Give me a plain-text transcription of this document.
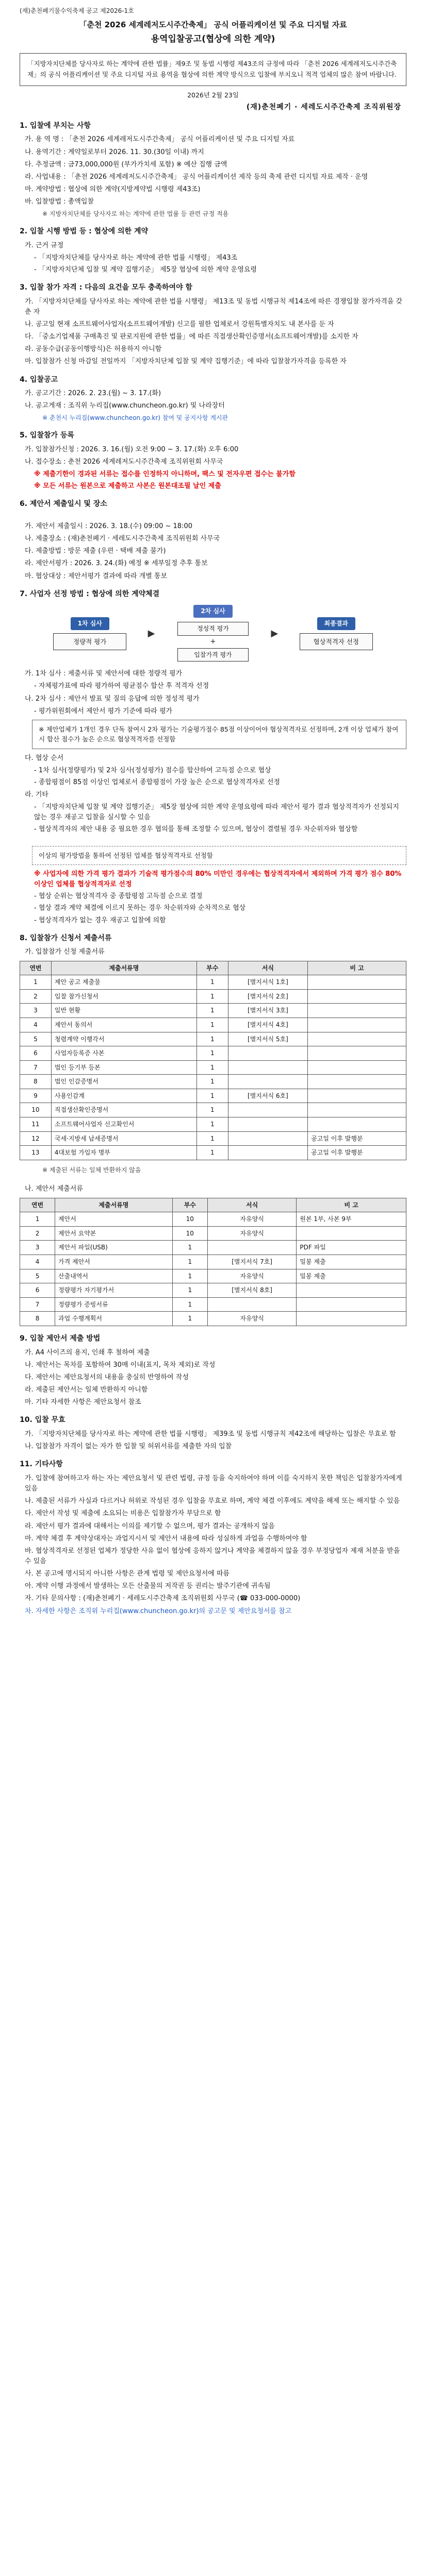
(재)춘천폐기물수익축제 공고 제2026-1호
「춘천 2026 세계레저도시주간축제」 공식 어플리케이션 및 주요 디지털 자료
용역입찰공고(협상에 의한 계약)
「지방자치단체를 당사자로 하는 계약에 관한 법률」제9조 및 동법 시행령 제43조의 규정에 따라 「춘천 2026 세계레저도시주간축제」의 공식 어플리케이션 및 주요 디지털 자료 용역을 협상에 의한 계약 방식으로 입찰에 부치오니 적격 업체의 많은 참여 바랍니다.
2026년 2월 23일
(재)춘천폐기 · 세레도시주간축제 조직위원장
1. 입찰에 부치는 사항
가. 용 역 명 : 「춘천 2026 세계레저도시주간축제」 공식 어플리케이션 및 주요 디지털 자료
나. 용역기간 : 계약일로부터 2026. 11. 30.(30일 이내) 까지
다. 추정금액 : 금73,000,000원 (부가가치세 포함) ※ 예산 집행 금액
라. 사업내용 : 「춘천 2026 세계레저도시주간축제」 공식 어플리케이션 제작 등의 축제 관련 디지털 자료 제작 · 운영
마. 계약방법 : 협상에 의한 계약(지방계약법 시행령 제43조)
바. 입찰방법 : 총액입찰
※ 지방자치단체를 당사자로 하는 계약에 관한 법률 등 관련 규정 적용
2. 입찰 시행 방법 등 : 협상에 의한 계약
가. 근거 규정
- 「지방자치단체를 당사자로 하는 계약에 관한 법률 시행령」 제43조
- 「지방자치단체 입찰 및 계약 집행기준」 제5장 협상에 의한 계약 운영요령
3. 입찰 참가 자격 : 다음의 요건을 모두 충족하여야 함
가. 「지방자치단체를 당사자로 하는 계약에 관한 법률 시행령」 제13조 및 동법 시행규칙 제14조에 따른 경쟁입찰 참가자격을 갖춘 자
나. 공고일 현재 소프트웨어사업자(소프트웨어개발) 신고를 필한 업체로서 강원특별자치도 내 본사를 둔 자
다. 「중소기업제품 구매촉진 및 판로지원에 관한 법률」에 따른 직접생산확인증명서(소프트웨어개발)를 소지한 자
라. 공동수급(공동이행방식)은 허용하지 아니함
마. 입찰참가 신청 마감일 전일까지 「지방자치단체 입찰 및 계약 집행기준」에 따라 입찰참가자격을 등록한 자
4. 입찰공고
가. 공고기간 : 2026. 2. 23.(월) ~ 3. 17.(화)
나. 공고게재 : 조직위 누리집(www.chuncheon.go.kr) 및 나라장터
※ 춘천시 누리집(www.chuncheon.go.kr) 참여 및 공지사항 게시판
5. 입찰참가 등록
가. 입찰참가신청 : 2026. 3. 16.(월) 오전 9:00 ~ 3. 17.(화) 오후 6:00
나. 접수장소 : 춘천 2026 세계레저도시주간축제 조직위원회 사무국
※ 제출기한이 경과된 서류는 접수를 인정하지 아니하며, 팩스 및 전자우편 접수는 불가함
※ 모든 서류는 원본으로 제출하고 사본은 원본대조필 날인 제출
6. 제안서 제출일시 및 장소
가. 제안서 제출일시 : 2026. 3. 18.(수) 09:00 ~ 18:00
나. 제출장소 : (재)춘천폐기 · 세레도시주간축제 조직위원회 사무국
다. 제출방법 : 방문 제출 (우편 · 택배 제출 불가)
라. 제안서평가 : 2026. 3. 24.(화) 예정 ※ 세부일정 추후 통보
마. 협상대상 : 제안서평가 결과에 따라 개별 통보
7. 사업자 선정 방법 : 협상에 의한 계약체결
1차 심사
정량적 평가
▶
2차 심사
정성적 평가
+
입찰가격 평가
▶
최종결과
협상적격자 선정
가. 1차 심사 : 제출서류 및 제안서에 대한 정량적 평가
- 자체평가표에 따라 평가하여 평균점수 합산 후 적격자 선정
나. 2차 심사 : 제안서 발표 및 질의 응답에 의한 정성적 평가
- 평가위원회에서 제안서 평가 기준에 따라 평가
※ 제안업체가 1개인 경우 단독 참여시 2차 평가는 기술평가점수 85점 이상이어야 협상적격자로 선정하며, 2개 이상 업체가 참여 시 합산 점수가 높은 순으로 협상적격자를 선정함
다. 협상 순서
- 1차 심사(정량평가) 및 2차 심사(정성평가) 점수를 합산하여 고득점 순으로 협상
- 종합평점이 85점 이상인 업체로서 종합평점이 가장 높은 순으로 협상적격자로 선정
라. 기타
- 「지방자치단체 입찰 및 계약 집행기준」 제5장 협상에 의한 계약 운영요령에 따라 제안서 평가 결과 협상적격자가 선정되지 않는 경우 재공고 입찰을 실시할 수 있음
- 협상적격자의 제안 내용 중 필요한 경우 협의를 통해 조정할 수 있으며, 협상이 결렬될 경우 차순위자와 협상함
이상의 평가방법을 통하여 선정된 업체를 협상적격자로 선정함
※ 사업자에 의한 가격 평가 결과가 기술적 평가점수의 80% 미만인 경우에는 협상적격자에서 제외하며 가격 평가 점수 80% 이상인 업체를 협상적격자로 선정
- 협상 순위는 협상적격자 중 종합평점 고득점 순으로 결정
- 협상 결과 계약 체결에 이르지 못하는 경우 차순위자와 순차적으로 협상
- 협상적격자가 없는 경우 재공고 입찰에 의함
8. 입찰참가 신청서 제출서류
가. 입찰참가 신청 제출서류
연번	제출서류명	부수	서식	비 고
1	제안 공고 제출물	1	[별지서식 1호]	
2	입찰 참가신청서	1	[별지서식 2호]	
3	일반 현황	1	[별지서식 3호]	
4	제안서 동의서	1	[별지서식 4호]	
5	청렴계약 이행각서	1	[별지서식 5호]	
6	사업자등록증 사본	1		
7	법인 등기부 등본	1		
8	법인 인감증명서	1		
9	사용인감계	1	[별지서식 6호]	
10	직접생산확인증명서	1		
11	소프트웨어사업자 신고확인서	1		
12	국세·지방세 납세증명서	1		공고일 이후 발행분
13	4대보험 가입자 명부	1		공고일 이후 발행분
※ 제출된 서류는 일체 반환하지 않음
나. 제안서 제출서류
연번	제출서류명	부수	서식	비 고
1	제안서	10	자유양식	원본 1부, 사본 9부
2	제안서 요약본	10	자유양식	
3	제안서 파일(USB)	1		PDF 파일
4	가격 제안서	1	[별지서식 7호]	밀봉 제출
5	산출내역서	1	자유양식	밀봉 제출
6	정량평가 자기평가서	1	[별지서식 8호]	
7	정량평가 증빙서류	1		
8	과업 수행계획서	1	자유양식	
9. 입찰 제안서 제출 방법
가. A4 사이즈의 용지, 인쇄 후 철하여 제출
나. 제안서는 목차를 포함하여 30매 이내(표지, 목차 제외)로 작성
다. 제안서는 제안요청서의 내용을 충실히 반영하여 작성
라. 제출된 제안서는 일체 반환하지 아니함
마. 기타 자세한 사항은 제안요청서 참조
10. 입찰 무효
가. 「지방자치단체를 당사자로 하는 계약에 관한 법률 시행령」 제39조 및 동법 시행규칙 제42조에 해당하는 입찰은 무효로 함
나. 입찰참가 자격이 없는 자가 한 입찰 및 허위서류를 제출한 자의 입찰
11. 기타사항
가. 입찰에 참여하고자 하는 자는 제안요청서 및 관련 법령, 규정 등을 숙지하여야 하며 이를 숙지하지 못한 책임은 입찰참가자에게 있음
나. 제출된 서류가 사실과 다르거나 허위로 작성된 경우 입찰을 무효로 하며, 계약 체결 이후에도 계약을 해제 또는 해지할 수 있음
다. 제안서 작성 및 제출에 소요되는 비용은 입찰참가자 부담으로 함
라. 제안서 평가 결과에 대해서는 이의를 제기할 수 없으며, 평가 결과는 공개하지 않음
마. 계약 체결 후 계약상대자는 과업지시서 및 제안서 내용에 따라 성실하게 과업을 수행하여야 함
바. 협상적격자로 선정된 업체가 정당한 사유 없이 협상에 응하지 않거나 계약을 체결하지 않을 경우 부정당업자 제재 처분을 받을 수 있음
사. 본 공고에 명시되지 아니한 사항은 관계 법령 및 제안요청서에 따름
아. 계약 이행 과정에서 발생하는 모든 산출물의 저작권 등 권리는 발주기관에 귀속됨
자. 기타 문의사항 : (재)춘천폐기 · 세레도시주간축제 조직위원회 사무국 (☎ 033-000-0000)
차. 자세한 사항은 조직위 누리집(www.chuncheon.go.kr)의 공고문 및 제안요청서를 참고
